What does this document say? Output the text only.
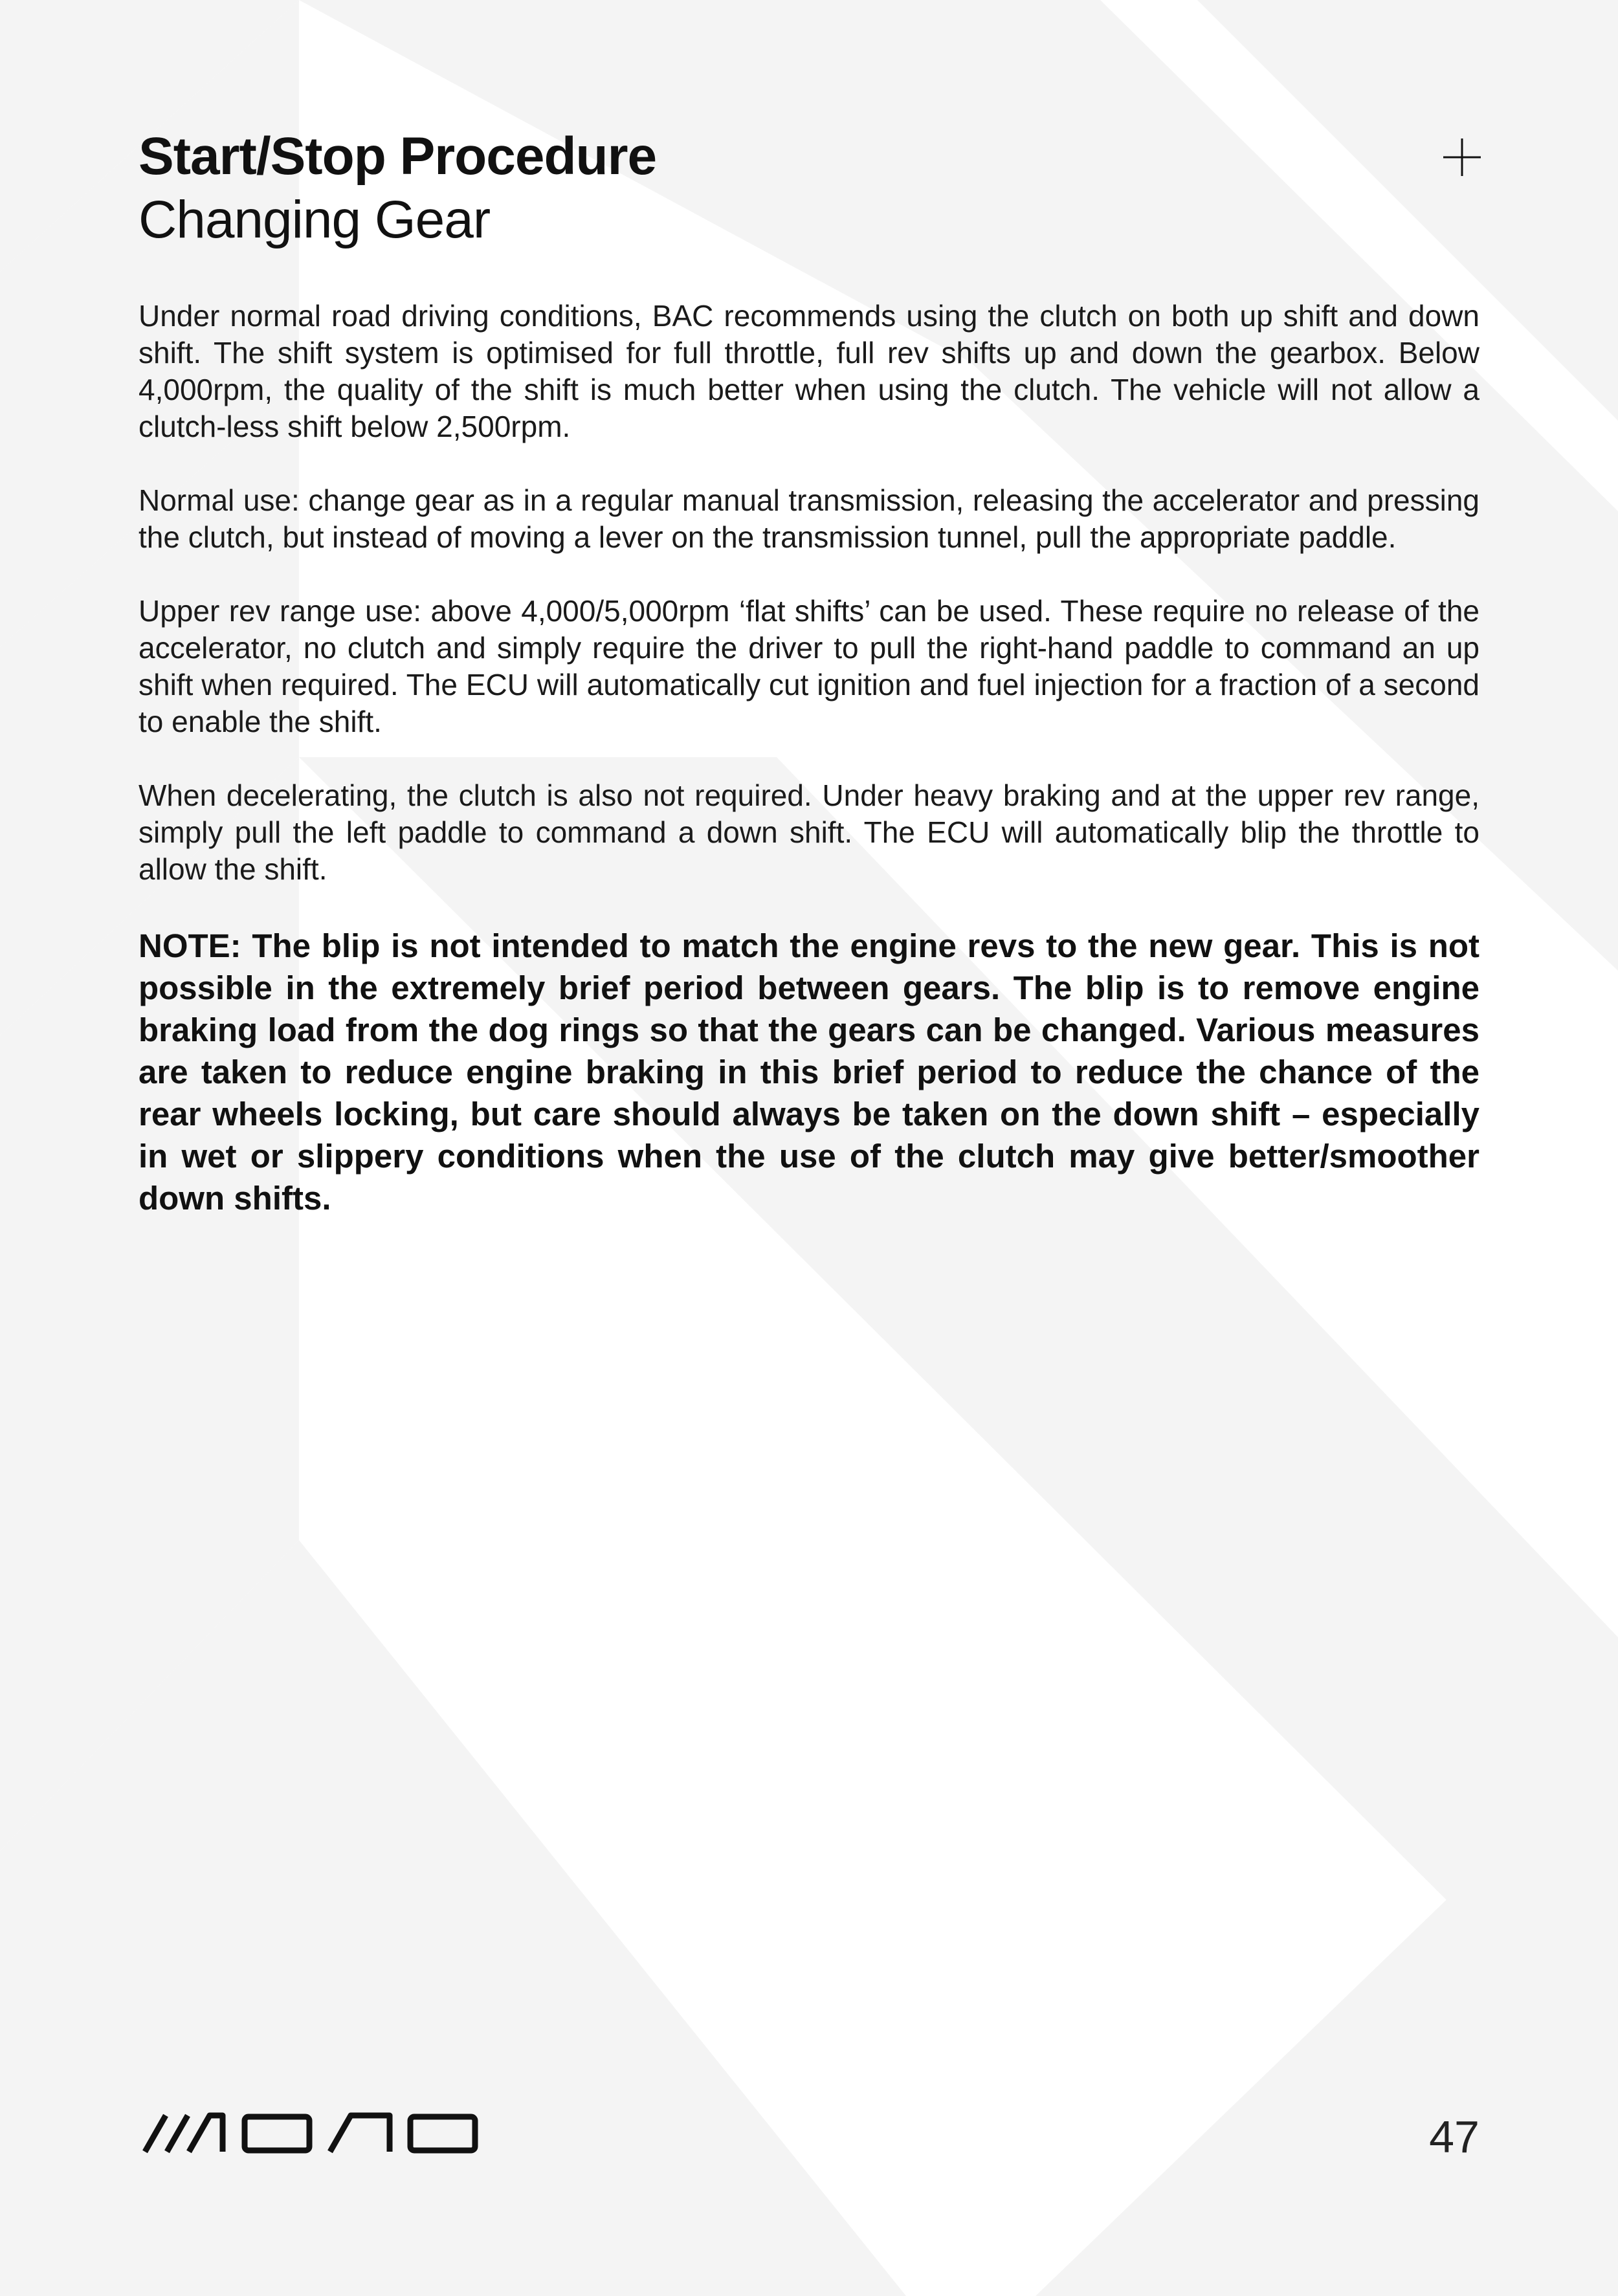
Start/Stop Procedure
Changing Gear

Under normal road driving conditions, BAC recommends using the clutch on both up shift and down shift. The shift system is optimised for full throttle, full rev shifts up and down the gearbox. Below 4,000rpm, the quality of the shift is much better when using the clutch. The vehicle will not allow a clutch-less shift below 2,500rpm.

Normal use: change gear as in a regular manual transmission, releasing the accelerator and pressing the clutch, but instead of moving a lever on the transmission tunnel, pull the appropriate paddle.

Upper rev range use: above 4,000/5,000rpm ‘flat shifts’ can be used. These require no release of the accelerator, no clutch and simply require the driver to pull the right-hand paddle to command an up shift when required. The ECU will automatically cut ignition and fuel injection for a fraction of a second to enable the shift.

When decelerating, the clutch is also not required. Under heavy braking and at the upper rev range, simply pull the left paddle to command a down shift. The ECU will automatically blip the throttle to allow the shift.

NOTE: The blip is not intended to match the engine revs to the new gear. This is not possible in the extremely brief period between gears. The blip is to remove engine braking load from the dog rings so that the gears can be changed. Various measures are taken to reduce engine braking in this brief period to reduce the chance of the rear wheels locking, but care should always be taken on the down shift – especially in wet or slippery conditions when the use of the clutch may give better/smoother down shifts.

47
